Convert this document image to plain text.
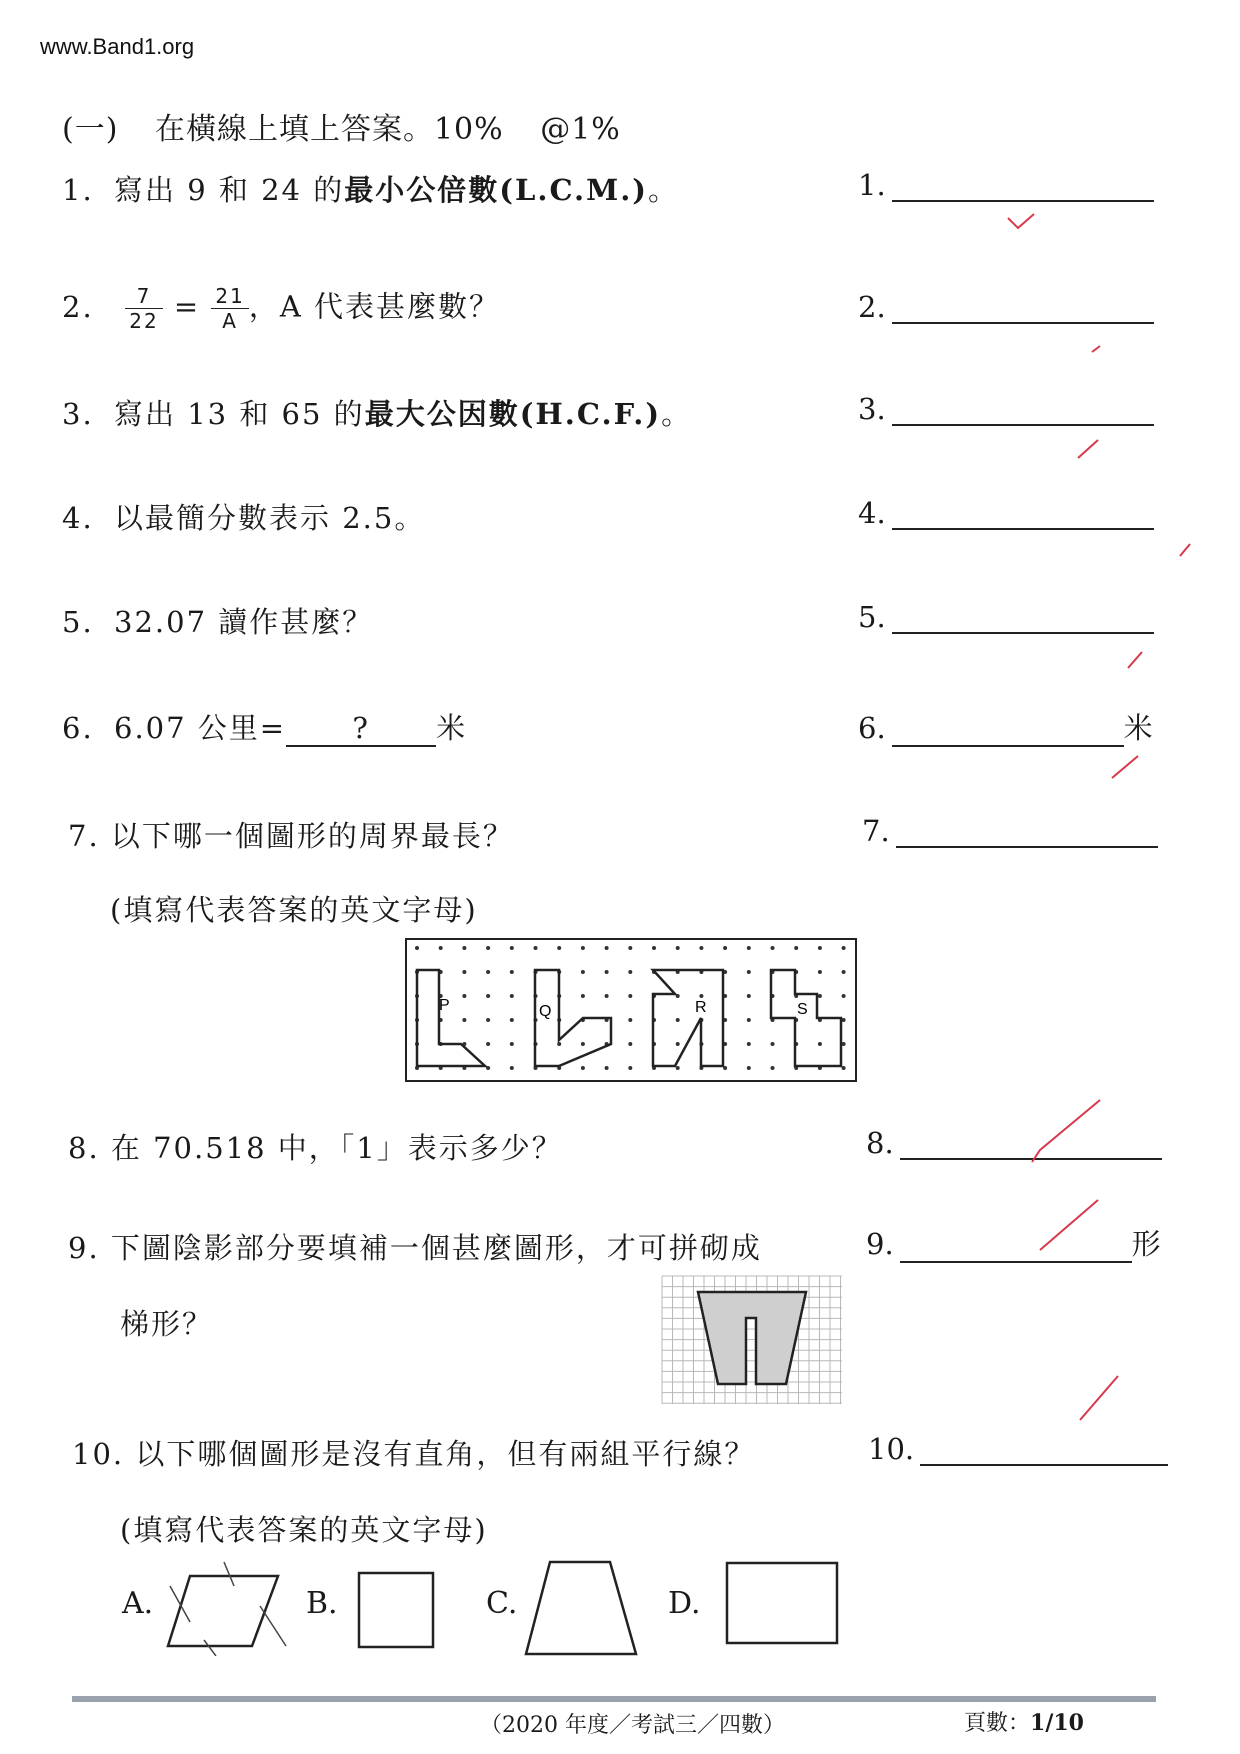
www.Band1.org
(一) 在橫線上填上答案。10% @1%
1. 寫出 9 和 24 的最小公倍數(L.C.M.)。	1.
2. $\frac{7}{22} = \frac{21}{A}$ ，A 代表甚麼數？	2.
3. 寫出 13 和 65 的最大公因數(H.C.F.)。	3.
4. 以最簡分數表示 2.5。	4.
5. 32.07 讀作甚麼？	5.
6. 6.07 公里= ? 米	6.	米
7. 以下哪一個圖形的周界最長？
(填寫代表答案的英文字母)
7.
P	Q	R	S
8. 在 70.518 中，「1」表示多少？	8.
9. 下圖陰影部分要填補一個甚麼圖形，才可拼砌成
梯形？
9.	形
10. 以下哪個圖形是沒有直角，但有兩組平行線？
(填寫代表答案的英文字母)
10.
A.	B.	C.	D.
（2020 年度／考試三／四數）	頁數：1/10
